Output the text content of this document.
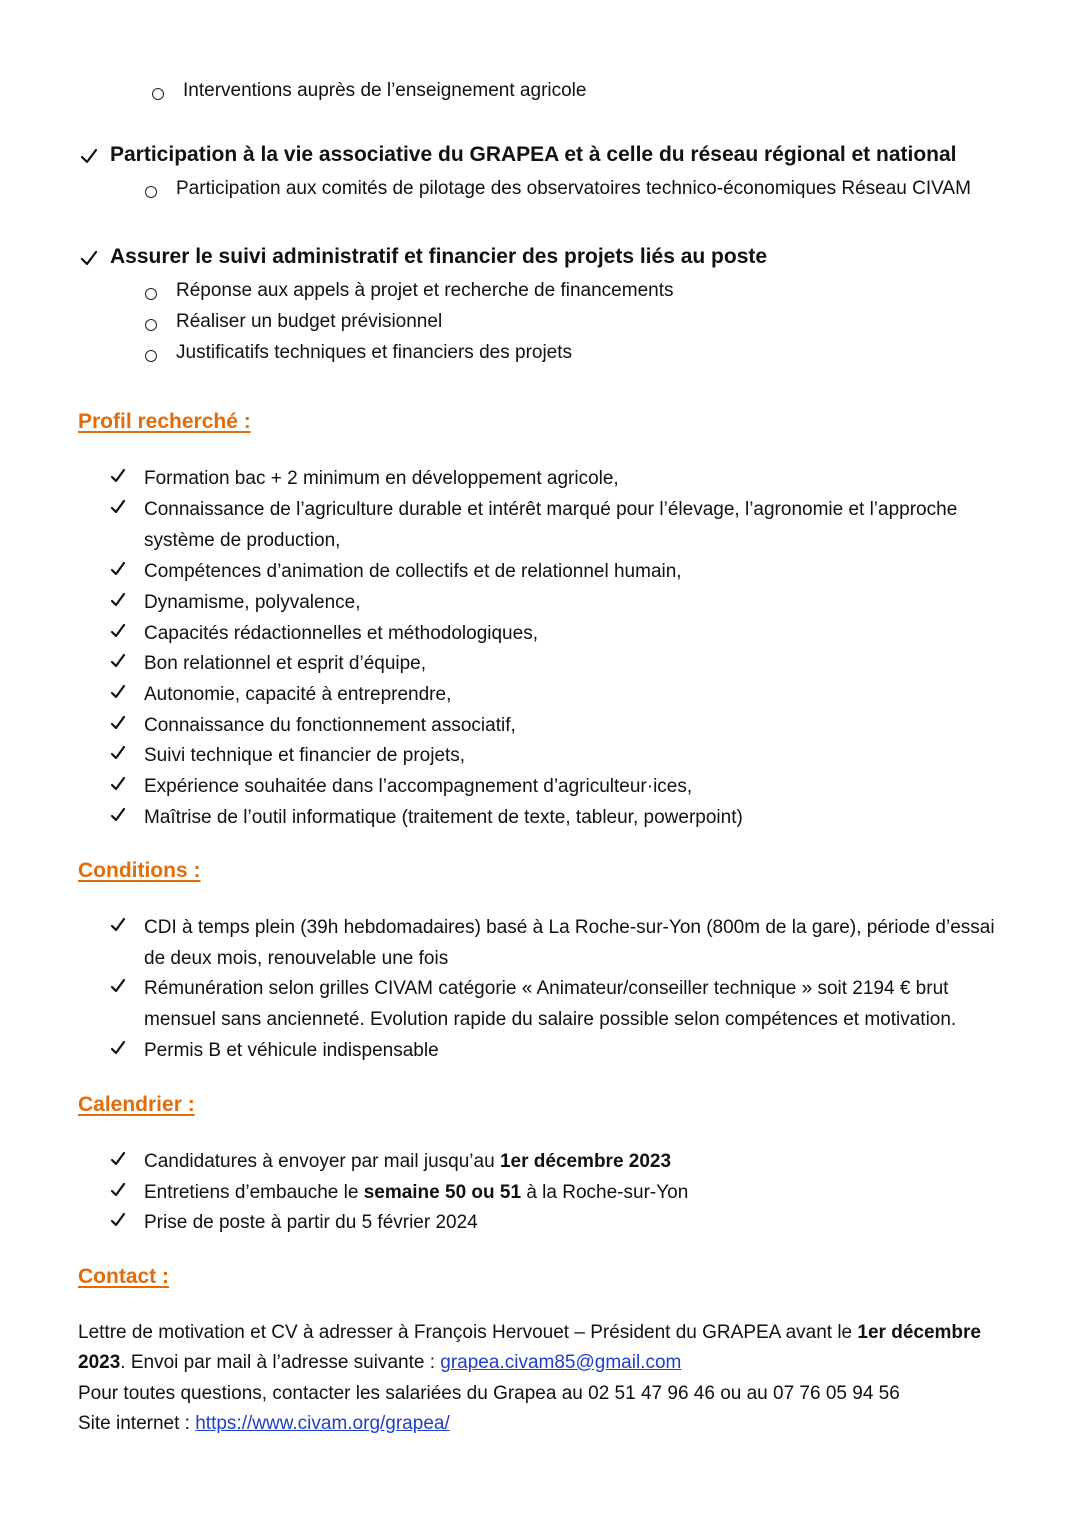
Interventions auprès de l’enseignement agricole
Participation à la vie associative du GRAPEA et à celle du réseau régional et national
Participation aux comités de pilotage des observatoires technico-économiques Réseau CIVAM
Assurer le suivi administratif et financier des projets liés au poste
Réponse aux appels à projet et recherche de financements
Réaliser un budget prévisionnel
Justificatifs techniques et financiers des projets
Profil recherché :
Formation bac + 2 minimum en développement agricole,
Connaissance de l’agriculture durable et intérêt marqué pour l’élevage, l’agronomie et l’approche système de production,
Compétences d’animation de collectifs et de relationnel humain,
Dynamisme, polyvalence,
Capacités rédactionnelles et méthodologiques,
Bon relationnel et esprit d’équipe,
Autonomie, capacité à entreprendre,
Connaissance du fonctionnement associatif,
Suivi technique et financier de projets,
Expérience souhaitée dans l’accompagnement d’agriculteur·ices,
Maîtrise de l’outil informatique (traitement de texte, tableur, powerpoint)
Conditions :
CDI à temps plein (39h hebdomadaires) basé à La Roche-sur-Yon (800m de la gare), période d’essai de deux mois, renouvelable une fois
Rémunération selon grilles CIVAM catégorie « Animateur/conseiller technique » soit 2194 € brut mensuel sans ancienneté. Evolution rapide du salaire possible selon compétences et motivation.
Permis B et véhicule indispensable
Calendrier :
Candidatures à envoyer par mail jusqu’au 1er décembre 2023
Entretiens d’embauche le semaine 50 ou 51 à la Roche-sur-Yon
Prise de poste à partir du 5 février 2024
Contact :
Lettre de motivation et CV à adresser à François Hervouet – Président du GRAPEA avant le 1er décembre
2023. Envoi par mail à l’adresse suivante : grapea.civam85@gmail.com
Pour toutes questions, contacter les salariées du Grapea au 02 51 47 96 46 ou au 07 76 05 94 56
Site internet : https://www.civam.org/grapea/
